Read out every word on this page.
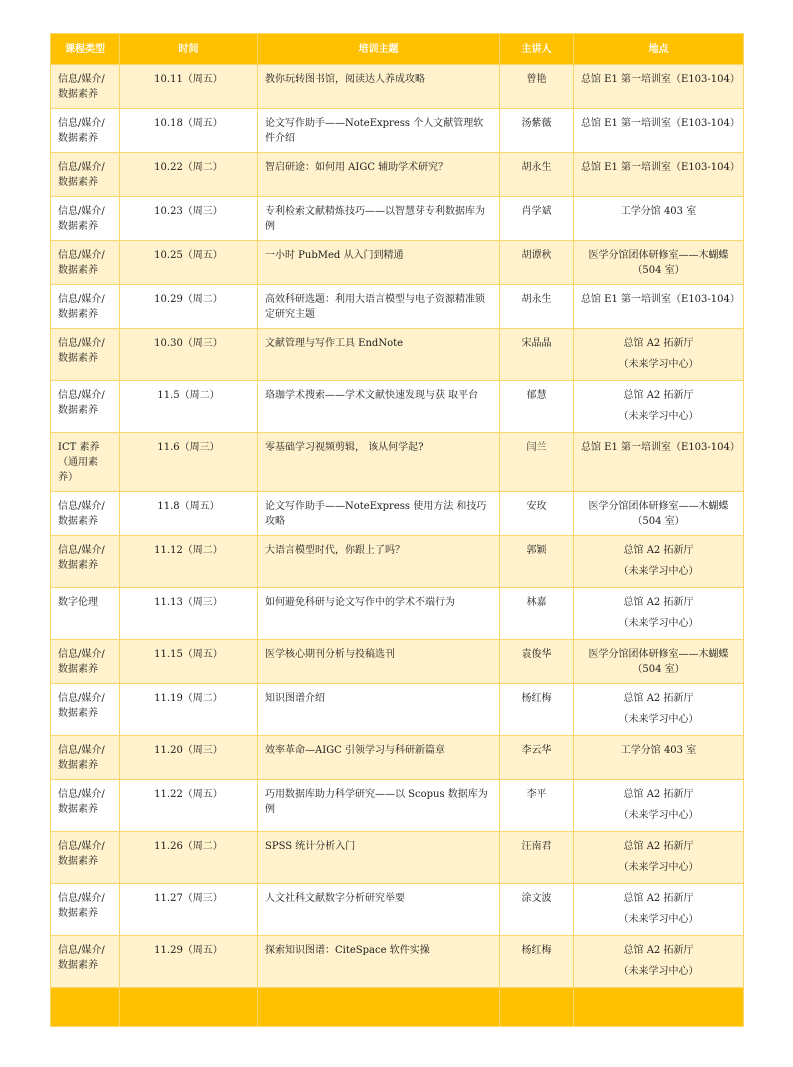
课程类型	时间	培训主题	主讲人	地点
信息/媒介/数据素养	10.11（周五）	教你玩转图书馆，阅读达人养成攻略	曾艳	总馆 E1 第一培训室（E103-104）

信息/媒介/数据素养	10.18（周五）	论文写作助手——NoteExpress 个人文献管理软件介绍	汤紫薇	总馆 E1 第一培训室（E103-104）

信息/媒介/数据素养	10.22（周二）	智启研途：如何用 AIGC 辅助学术研究？	胡永生	总馆 E1 第一培训室（E103-104）

信息/媒介/数据素养	10.23（周三）	专利检索文献精炼技巧——以智慧芽专利数据库为例	肖学斌	工学分馆 403 室

信息/媒介/数据素养	10.25（周五）	一小时 PubMed 从入门到精通	胡谭秋	医学分馆团体研修室——木蝴蝶（504 室）

信息/媒介/数据素养	10.29（周二）	高效科研选题：利用大语言模型与电子资源精准锁定研究主题	胡永生	总馆 E1 第一培训室（E103-104）

信息/媒介/数据素养	10.30（周三）	文献管理与写作工具 EndNote	宋晶晶	总馆 A2 拓新厅
（未来学习中心）

信息/媒介/数据素养	11.5（周二）	珞珈学术搜索——学术文献快速发现与获 取平台	郁慧	总馆 A2 拓新厅
（未来学习中心）

ICT 素养（通用素养）	11.6（周三）	零基础学习视频剪辑， 该从何学起?	闫兰	总馆 E1 第一培训室（E103-104）

信息/媒介/数据素养	11.8（周五）	论文写作助手——NoteExpress 使用方法 和技巧攻略	安玫	医学分馆团体研修室——木蝴蝶（504 室）

信息/媒介/数据素养	11.12（周二）	大语言模型时代，你跟上了吗？	郭颖	总馆 A2 拓新厅
（未来学习中心）

数字伦理	11.13（周三）	如何避免科研与论文写作中的学术不端行为	林嘉	总馆 A2 拓新厅
（未来学习中心）

信息/媒介/数据素养	11.15（周五）	医学核心期刊分析与投稿选刊	袁俊华	医学分馆团体研修室——木蝴蝶（504 室）

信息/媒介/数据素养	11.19（周二）	知识图谱介绍	杨红梅	总馆 A2 拓新厅
（未来学习中心）

信息/媒介/数据素养	11.20（周三）	效率革命—AIGC 引领学习与科研新篇章	李云华	工学分馆 403 室

信息/媒介/数据素养	11.22（周五）	巧用数据库助力科学研究——以 Scopus 数据库为例	李平	总馆 A2 拓新厅
（未来学习中心）

信息/媒介/数据素养	11.26（周二）	SPSS 统计分析入门	汪南君	总馆 A2 拓新厅
（未来学习中心）

信息/媒介/数据素养	11.27（周三）	人文社科文献数字分析研究举要	涂文波	总馆 A2 拓新厅
（未来学习中心）

信息/媒介/数据素养	11.29（周五）	探索知识图谱：CiteSpace 软件实操	杨红梅	总馆 A2 拓新厅
（未来学习中心）
